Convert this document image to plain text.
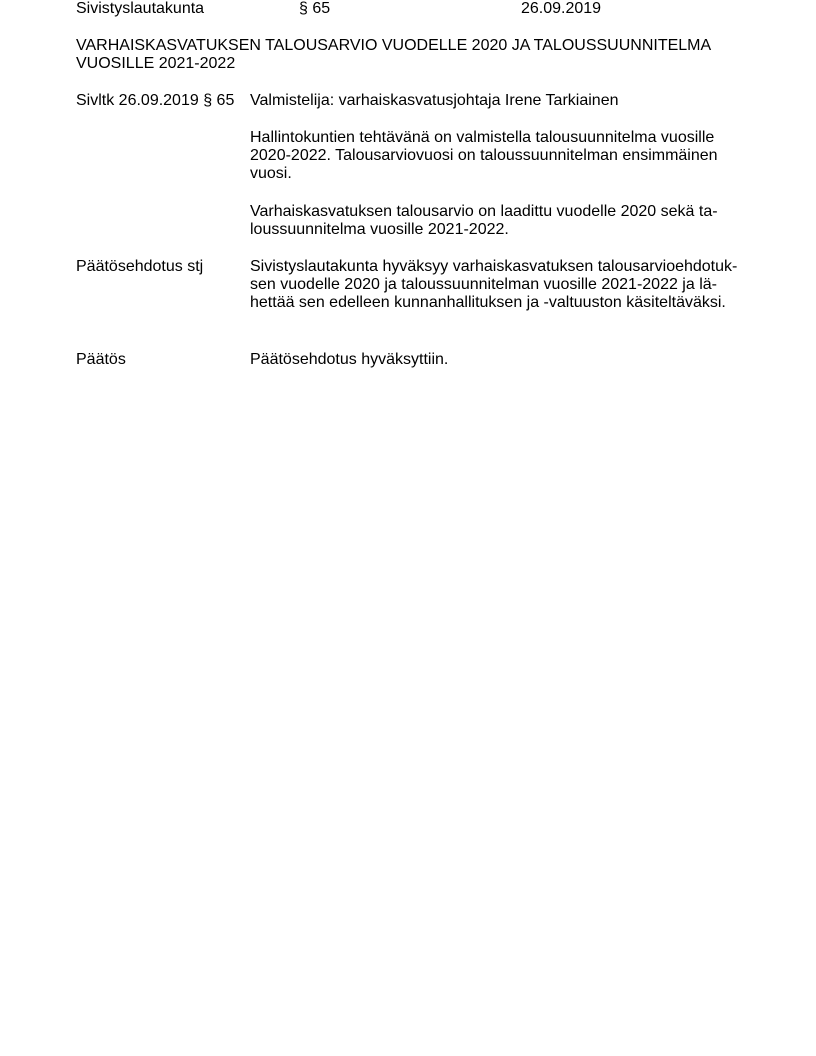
Sivistyslautakunta	§ 65	26.09.2019
VARHAISKASVATUKSEN TALOUSARVIO VUODELLE 2020 JA TALOUSSUUNNITELMA
VUOSILLE 2021-2022
Sivltk 26.09.2019 § 65 Valmistelija: varhaiskasvatusjohtaja Irene Tarkiainen
Hallintokuntien tehtävänä on valmistella talousuunnitelma vuosille
2020-2022. Talousarviovuosi on taloussuunnitelman ensimmäinen
vuosi.
Varhaiskasvatuksen talousarvio on laadittu vuodelle 2020 sekä ta-
loussuunnitelma vuosille 2021-2022.
Päätösehdotus stj	Sivistyslautakunta hyväksyy varhaiskasvatuksen talousarvioehdotuk-
sen vuodelle 2020 ja taloussuunnitelman vuosille 2021-2022 ja lä-
hettää sen edelleen kunnanhallituksen ja -valtuuston käsiteltäväksi.
Päätös	Päätösehdotus hyväksyttiin.
